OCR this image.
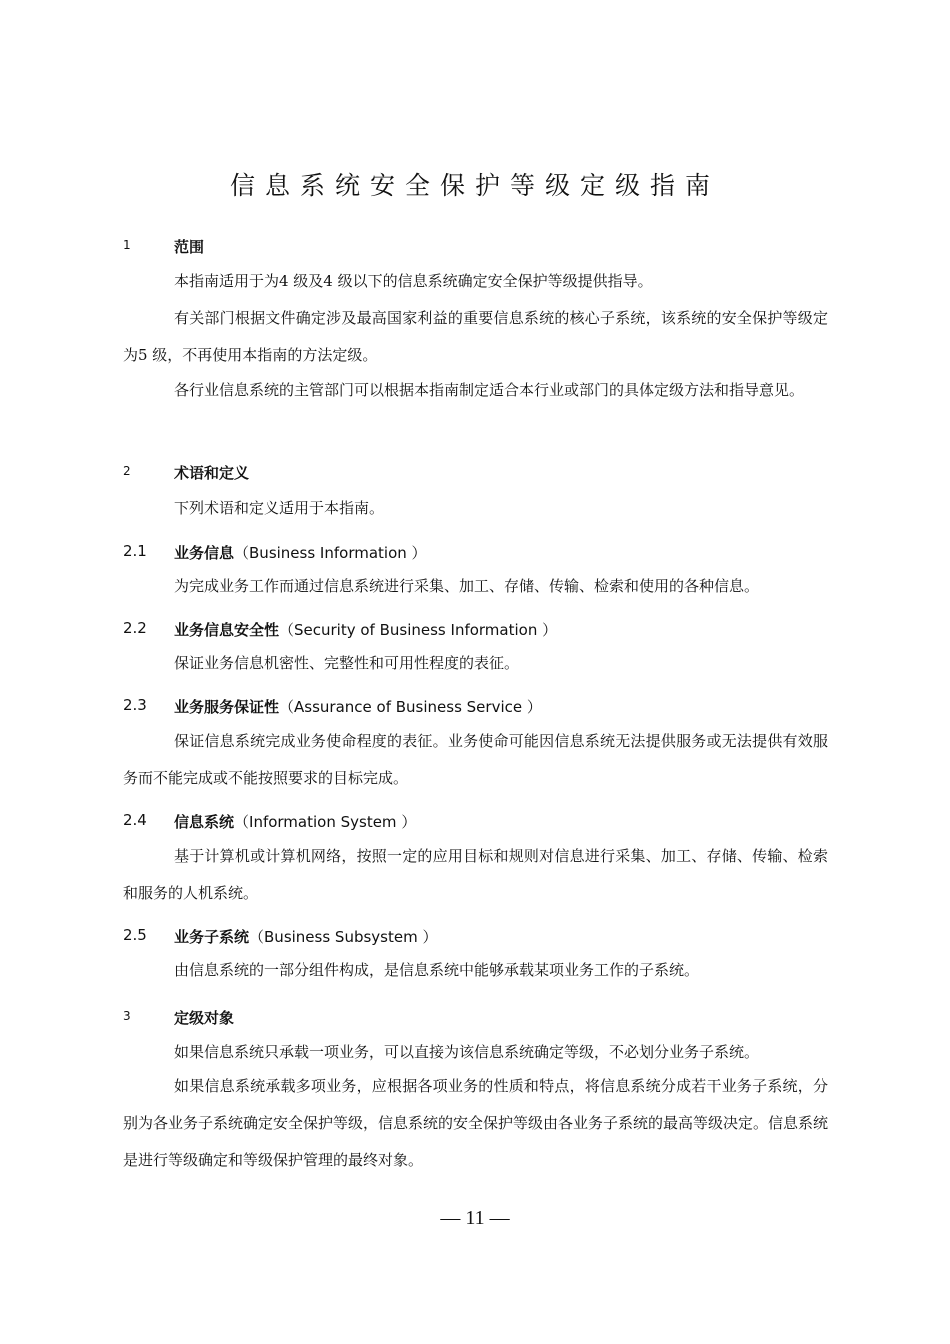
信息系统安全保护等级定级指南
1	范围

本指南适用于为4 级及4 级以下的信息系统确定安全保护等级提供指导。

有关部门根据文件确定涉及最高国家利益的重要信息系统的核心子系统，该系统的安全保护等级定为5 级，不再使用本指南的方法定级。

各行业信息系统的主管部门可以根据本指南制定适合本行业或部门的具体定级方法和指导意见。

2	术语和定义

下列术语和定义适用于本指南。

2.1 业务信息（Business Information ）

为完成业务工作而通过信息系统进行采集、加工、存储、传输、检索和使用的各种信息。

2.2 业务信息安全性（Security of Business Information ）

保证业务信息机密性、完整性和可用性程度的表征。

2.3 业务服务保证性（Assurance of Business Service ）

保证信息系统完成业务使命程度的表征。业务使命可能因信息系统无法提供服务或无法提供有效服务而不能完成或不能按照要求的目标完成。

2.4 信息系统（Information System ）

基于计算机或计算机网络，按照一定的应用目标和规则对信息进行采集、加工、存储、传输、检索和服务的人机系统。

2.5 业务子系统（Business Subsystem ）

由信息系统的一部分组件构成，是信息系统中能够承载某项业务工作的子系统。

3	定级对象

如果信息系统只承载一项业务，可以直接为该信息系统确定等级，不必划分业务子系统。

如果信息系统承载多项业务，应根据各项业务的性质和特点，将信息系统分成若干业务子系统，分别为各业务子系统确定安全保护等级，信息系统的安全保护等级由各业务子系统的最高等级决定。信息系统是进行等级确定和等级保护管理的最终对象。

— 11 —
